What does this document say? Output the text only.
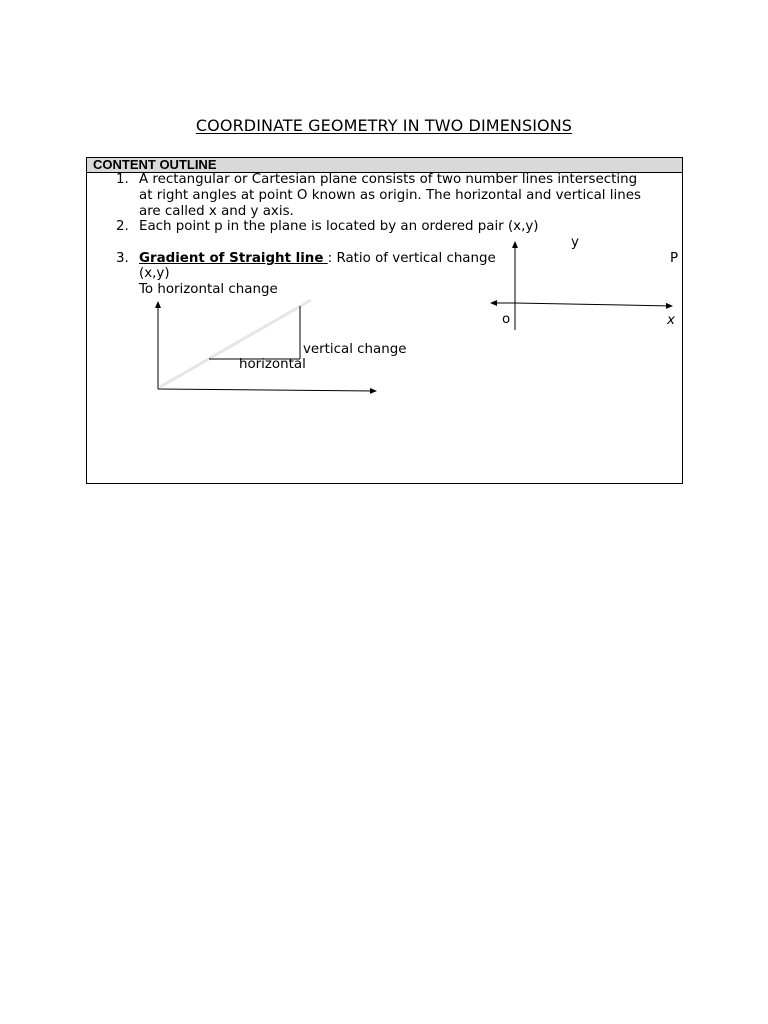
COORDINATE GEOMETRY IN TWO DIMENSIONS
CONTENT OUTLINE
1. A rectangular or Cartesian plane consists of two number lines intersecting
at right angles at point O known as origin. The horizontal and vertical lines
are called x and y axis.
2. Each point p in the plane is located by an ordered pair (x,y)
3. Gradient of Straight line : Ratio of vertical change
To horizontal change
vertical change
horizontal
y
P
(x,y)
o	x
